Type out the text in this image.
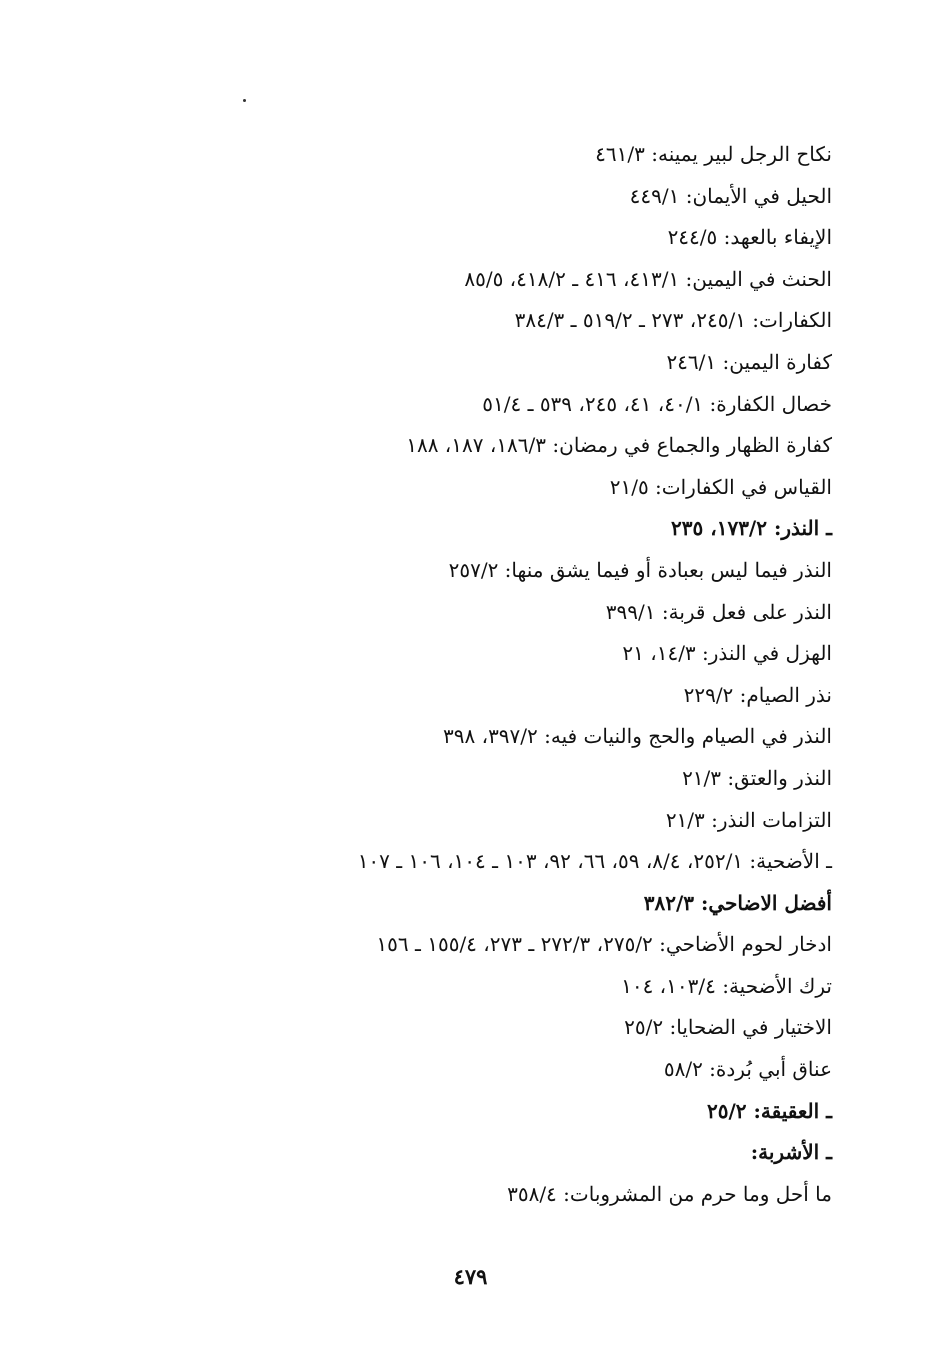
نكاح الرجل لبير يمينه: ٤٦١/٣
الحيل في الأيمان: ٤٤٩/١
الإيفاء بالعهد: ٢٤٤/٥
الحنث في اليمين: ٤١٣/١، ٤١٦ ـ ٤١٨/٢، ٨٥/٥
الكفارات: ٢٤٥/١، ٢٧٣ ـ ٥١٩/٢ ـ ٣٨٤/٣
كفارة اليمين: ٢٤٦/١
خصال الكفارة: ٤٠/١، ٤١، ٢٤٥، ٥٣٩ ـ ٥١/٤
كفارة الظهار والجماع في رمضان: ١٨٦/٣، ١٨٧، ١٨٨
القياس في الكفارات: ٢١/٥
ـ النذر: ١٧٣/٢، ٢٣٥
النذر فيما ليس بعبادة أو فيما يشق منها: ٢٥٧/٢
النذر على فعل قربة: ٣٩٩/١
الهزل في النذر: ١٤/٣، ٢١
نذر الصيام: ٢٢٩/٢
النذر في الصيام والحج والنيات فيه: ٣٩٧/٢، ٣٩٨
النذر والعتق: ٢١/٣
التزامات النذر: ٢١/٣
ـ الأضحية: ٢٥٢/١، ٨/٤، ٥٩، ٦٦، ٩٢، ١٠٣ ـ ١٠٤، ١٠٦ ـ ١٠٧
أفضل الاضاحي: ٣٨٢/٣
ادخار لحوم الأضاحي: ٢٧٥/٢، ٢٧٢/٣ ـ ٢٧٣، ١٥٥/٤ ـ ١٥٦
ترك الأضحية: ١٠٣/٤، ١٠٤
الاختيار في الضحايا: ٢٥/٢
عناق أبي بُردة: ٥٨/٢
ـ العقيقة: ٢٥/٢
ـ الأشربة:
ما أحل وما حرم من المشروبات: ٣٥٨/٤
٤٧٩
